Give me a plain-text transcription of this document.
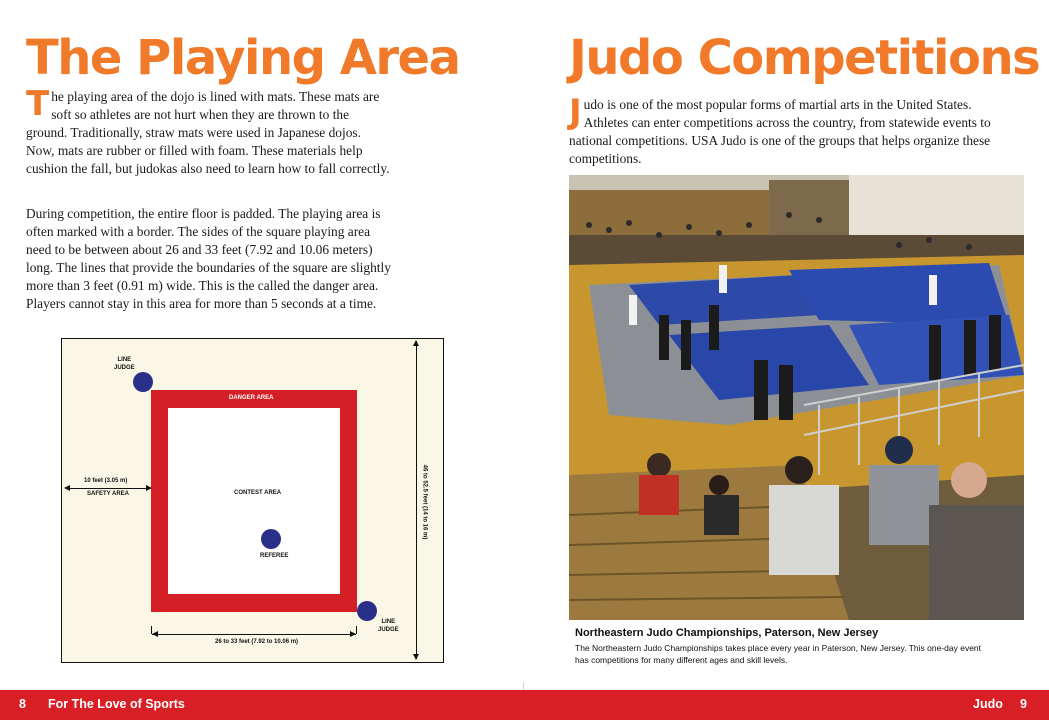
The Playing Area

The playing area of the dojo is lined with mats. These mats are soft so athletes are not hurt when they are thrown to the ground. Traditionally, straw mats were used in Japanese dojos. Now, mats are rubber or filled with foam. These materials help cushion the fall, but judokas also need to learn how to fall correctly.

During competition, the entire floor is padded. The playing area is often marked with a border. The sides of the square playing area need to be between about 26 and 33 feet (7.92 and 10.06 meters) long. The lines that provide the boundaries of the square are slightly more than 3 feet (0.91 m) wide. This is the called the danger area. Players cannot stay in this area for more than 5 seconds at a time.

LINE
JUDGE
DANGER AREA
CONTEST AREA
REFEREE
LINE
JUDGE
10 feet (3.05 m)
SAFETY AREA
26 to 33 feet (7.92 to 10.06 m)
46 to 52.5 feet (14 to 16 m)
Judo Competitions

Judo is one of the most popular forms of martial arts in the United States. Athletes can enter competitions across the country, from statewide events to national competitions. USA Judo is one of the groups that helps organize these competitions.

Northeastern Judo Championships, Paterson, New Jersey
The Northeastern Judo Championships takes place every year in Paterson, New Jersey. This one-day event has competitions for many different ages and skill levels.
8 For The Love of Sports	Judo 9
